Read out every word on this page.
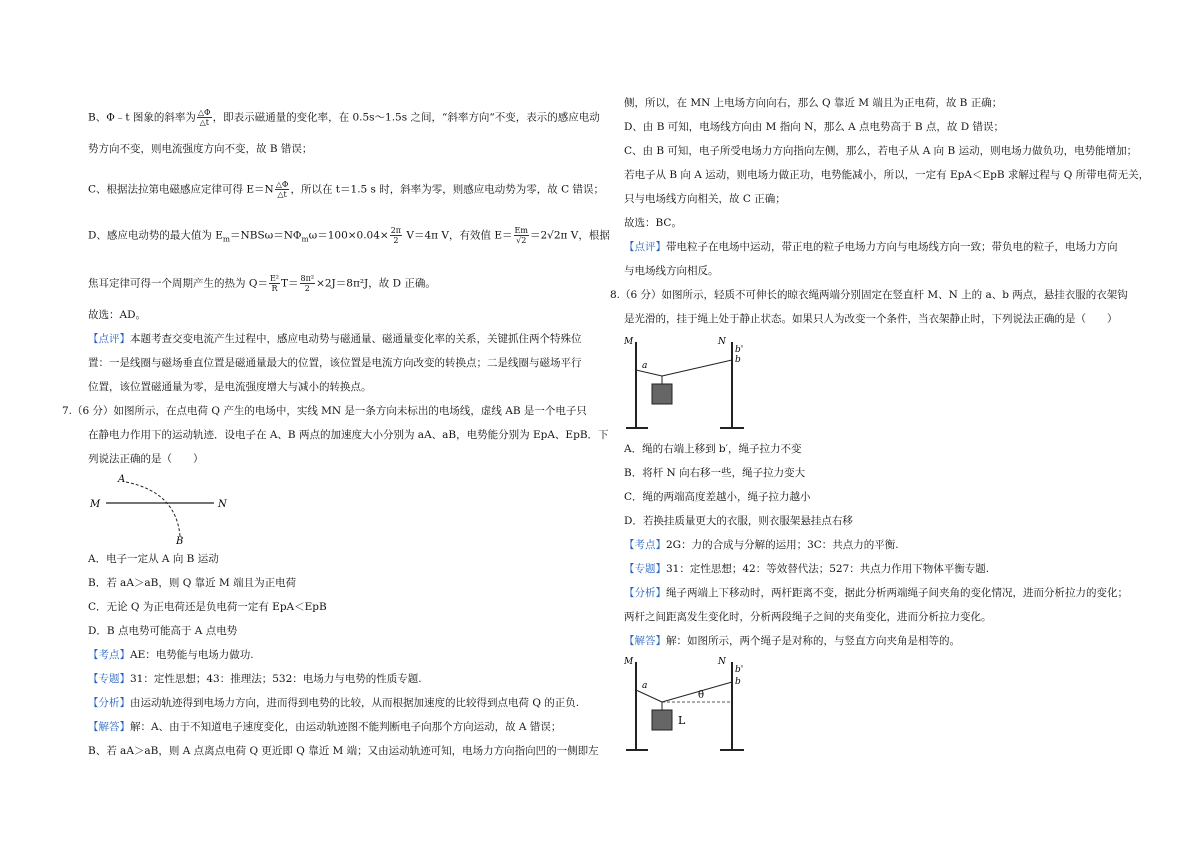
B、Φ﹣t 图象的斜率为 $\frac{\triangle\Phi}{\triangle t}$ ，即表示磁通量的变化率，在 0.5s～1.5s 之间，“斜率方向“不变，表示的感应电动
势方向不变，则电流强度方向不变，故 B 错误；
C、根据法拉第电磁感应定律可得 $E=N \frac{\triangle\Phi}{\triangle t}$ ，所以在 t＝1.5 s 时，斜率为零，则感应电动势为零，故 C 错误；
D、感应电动势的最大值为 $E_m=NBS\omega=N\Phi_m\omega=100\times 0.04\times \frac{2\pi}{2} V=4\pi$ V，有效值 $E= \frac{Em}{√2} =2√2\pi$ V，根据
焦耳定律可得一个周期产生的热为 $Q= \frac{\text{E²}}{R} T= \frac{\text{8π²}}{2} \times 2J=8\pi^2J$，故 D 正确。
故选：AD。
【点评】本题考查交变电流产生过程中，感应电动势与磁通量、磁通量变化率的关系，关键抓住两个特殊位
置：一是线圈与磁场垂直位置是磁通量最大的位置，该位置是电流方向改变的转换点；二是线圈与磁场平行
位置，该位置磁通量为零，是电流强度增大与减小的转换点。
7.（6 分）如图所示，在点电荷 Q 产生的电场中，实线 MN 是一条方向未标出的电场线，虚线 AB 是一个电子只
在静电力作用下的运动轨迹．设电子在 A、B 两点的加速度大小分别为 aA、aB，电势能分别为 EpA、EpB．下
列说法正确的是（　　）
M	N
A
B
A．电子一定从 A 向 B 运动
B．若 aA＞aB，则 Q 靠近 M 端且为正电荷
C．无论 Q 为正电荷还是负电荷一定有 EpA＜EpB
D．B 点电势可能高于 A 点电势
【考点】AE：电势能与电场力做功.
【专题】31：定性思想；43：推理法；532：电场力与电势的性质专题.
【分析】由运动轨迹得到电场力方向，进而得到电势的比较，从而根据加速度的比较得到点电荷 Q 的正负.
【解答】解：A、由于不知道电子速度变化，由运动轨迹图不能判断电子向那个方向运动，故 A 错误；
B、若 aA＞aB，则 A 点离点电荷 Q 更近即 Q 靠近 M 端；又由运动轨迹可知，电场力方向指向凹的一侧即左
侧，所以，在 MN 上电场方向向右，那么 Q 靠近 M 端且为正电荷，故 B 正确；
D、由 B 可知，电场线方向由 M 指向 N，那么 A 点电势高于 B 点，故 D 错误；
C、由 B 可知，电子所受电场力方向指向左侧，那么，若电子从 A 向 B 运动，则电场力做负功，电势能增加；
若电子从 B 向 A 运动，则电场力做正功，电势能减小，所以，一定有 EpA＜EpB 求解过程与 Q 所带电荷无关，
只与电场线方向相关，故 C 正确；
故选：BC。
【点评】带电粒子在电场中运动，带正电的粒子电场力方向与电场线方向一致；带负电的粒子，电场力方向
与电场线方向相反。
8.（6 分）如图所示，轻质不可伸长的晾衣绳两端分别固定在竖直杆 M、N 上的 a、b 两点，悬挂衣服的衣架钩
是光滑的，挂于绳上处于静止状态。如果只人为改变一个条件，当衣架静止时，下列说法正确的是（　　）
M	N
a
b
b'
A．绳的右端上移到 b′，绳子拉力不变
B．将杆 N 向右移一些，绳子拉力变大
C．绳的两端高度差越小，绳子拉力越小
D．若换挂质量更大的衣服，则衣服架悬挂点右移
【考点】2G：力的合成与分解的运用；3C：共点力的平衡.
【专题】31：定性思想；42：等效替代法；527：共点力作用下物体平衡专题.
【分析】绳子两端上下移动时，两杆距离不变，据此分析两端绳子间夹角的变化情况，进而分析拉力的变化；
两杆之间距离发生变化时，分析两段绳子之间的夹角变化，进而分析拉力变化。
【解答】解：如图所示，两个绳子是对称的，与竖直方向夹角是相等的。
M	N
a	b
b'
θ
L
